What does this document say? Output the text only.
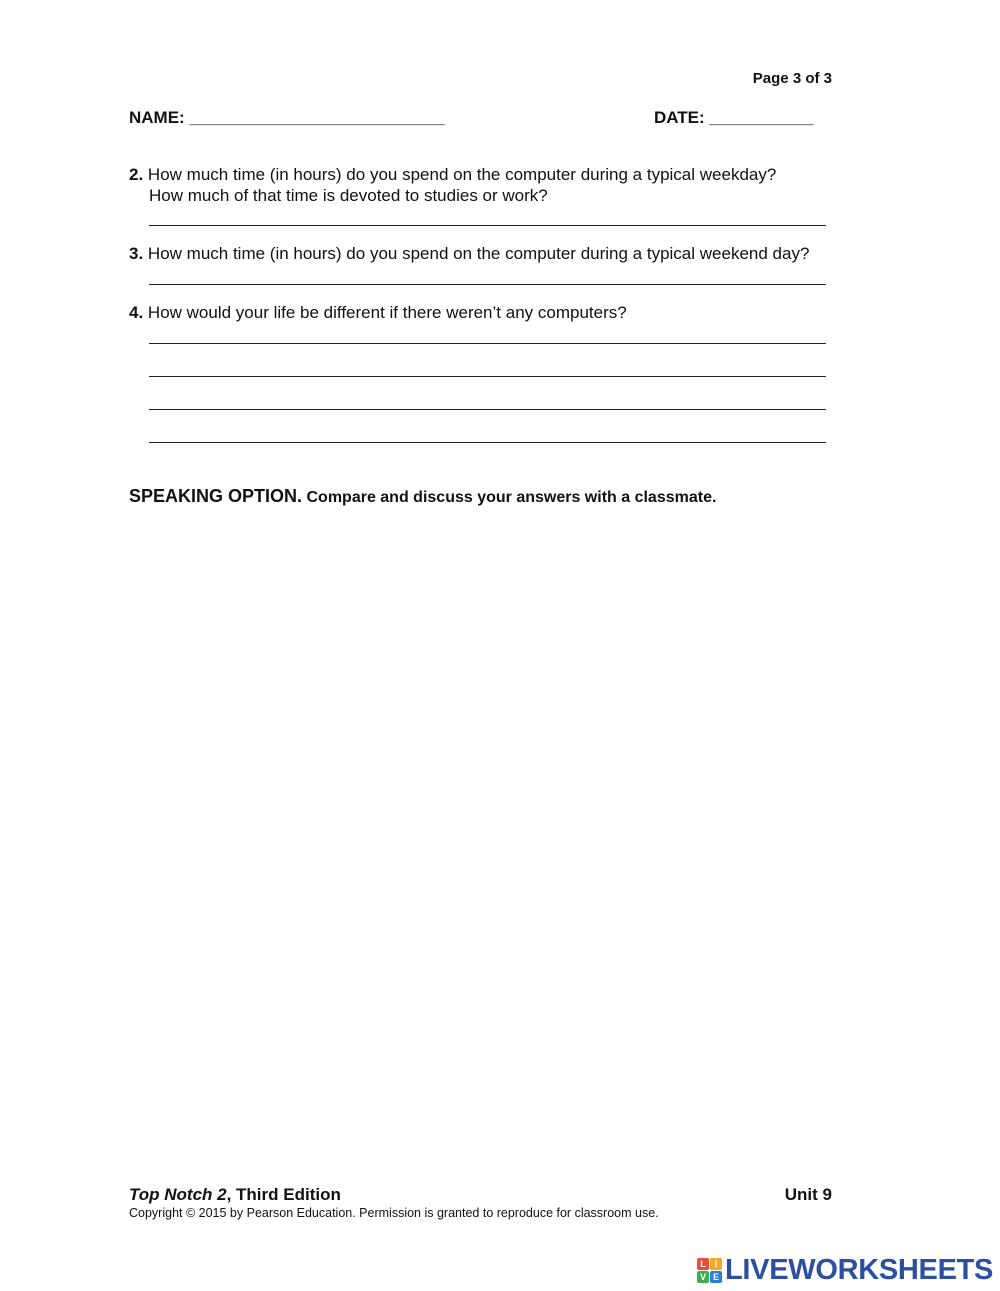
Page 3 of 3
NAME: ___________________________	DATE: ___________
2. How much time (in hours) do you spend on the computer during a typical weekday?
How much of that time is devoted to studies or work?
3. How much time (in hours) do you spend on the computer during a typical weekend day?
4. How would your life be different if there weren’t any computers?
SPEAKING OPTION. Compare and discuss your answers with a classmate.
Top Notch 2, Third Edition	Unit 9
Copyright © 2015 by Pearson Education. Permission is granted to reproduce for classroom use.
L I
V E LIVEWORKSHEETS
